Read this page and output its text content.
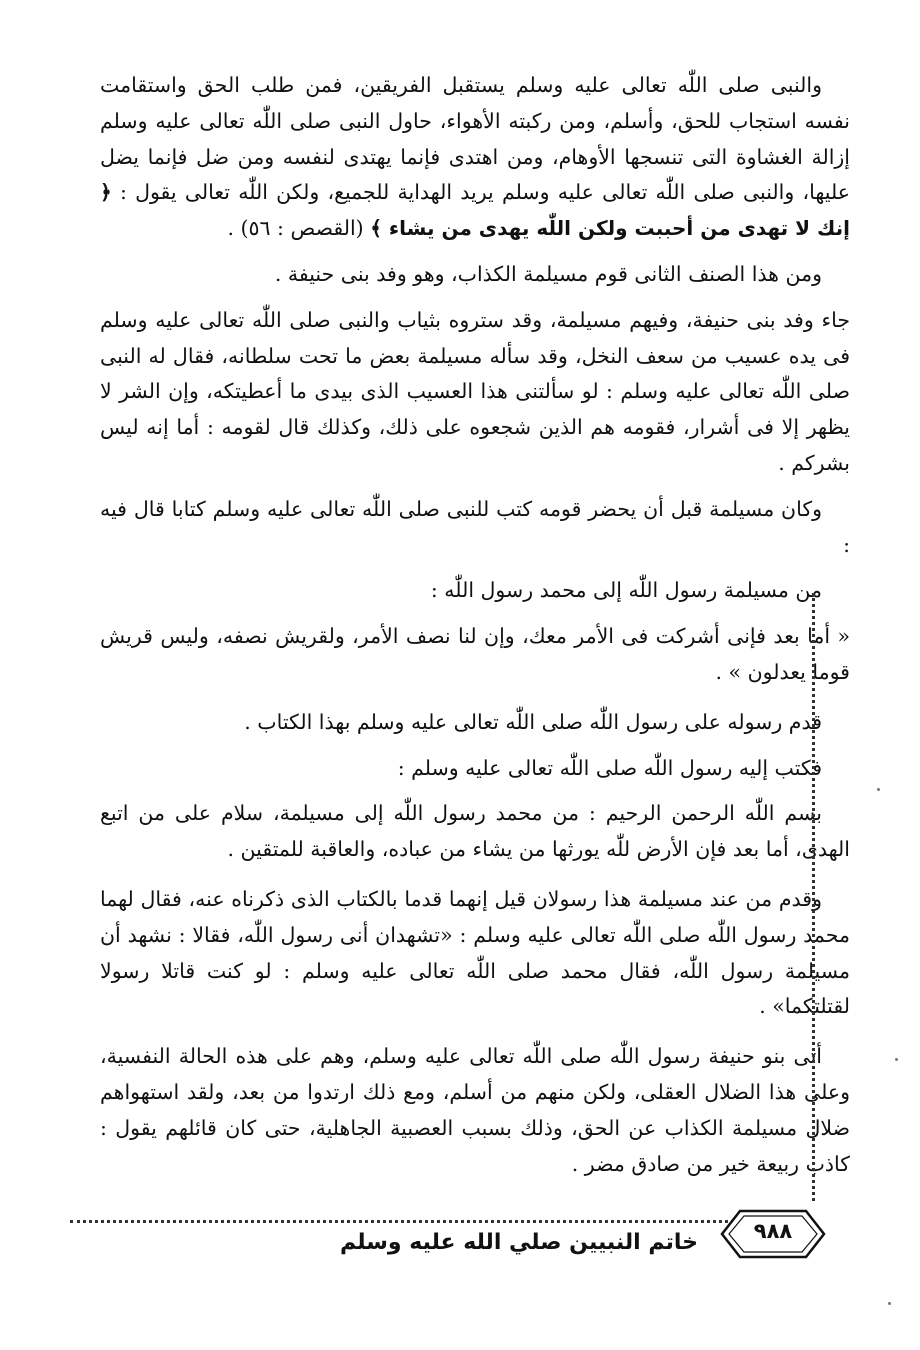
والنبى صلى اللّٰه تعالى عليه وسلم يستقبل الفريقين، فمن طلب الحق واستقامت نفسه استجاب للحق، وأسلم، ومن ركبته الأهواء، حاول النبى صلى اللّٰه تعالى عليه وسلم إزالة الغشاوة التى تنسجها الأوهام، ومن اهتدى فإنما يهتدى لنفسه ومن ضل فإنما يضل عليها، والنبى صلى اللّٰه تعالى عليه وسلم يريد الهداية للجميع، ولكن اللّٰه تعالى يقول : ﴿ إنك لا تهدى من أحببت ولكن اللّٰه يهدى من يشاء ﴾ (القصص : ٥٦) .

ومن هذا الصنف الثانى قوم مسيلمة الكذاب، وهو وفد بنى حنيفة .

جاء وفد بنى حنيفة، وفيهم مسيلمة، وقد ستروه بثياب والنبى صلى اللّٰه تعالى عليه وسلم فى يده عسيب من سعف النخل، وقد سأله مسيلمة بعض ما تحت سلطانه، فقال له النبى صلى اللّٰه تعالى عليه وسلم : لو سألتنى هذا العسيب الذى بيدى ما أعطيتكه، وإن الشر لا يظهر إلا فى أشرار، فقومه هم الذين شجعوه على ذلك، وكذلك قال لقومه : أما إنه ليس بشركم .

وكان مسيلمة قبل أن يحضر قومه كتب للنبى صلى اللّٰه تعالى عليه وسلم كتابا قال فيه :

من مسيلمة رسول اللّٰه إلى محمد رسول اللّٰه :

« أما بعد فإنى أشركت فى الأمر معك، وإن لنا نصف الأمر، ولقريش نصفه، وليس قريش قوما يعدلون » .

قدم رسوله على رسول اللّٰه صلى اللّٰه تعالى عليه وسلم بهذا الكتاب .

فكتب إليه رسول اللّٰه صلى اللّٰه تعالى عليه وسلم :

بسم اللّٰه الرحمن الرحيم : من محمد رسول اللّٰه إلى مسيلمة، سلام على من اتبع الهدى، أما بعد فإن الأرض للّٰه يورثها من يشاء من عباده، والعاقبة للمتقين .

وقدم من عند مسيلمة هذا رسولان قيل إنهما قدما بالكتاب الذى ذكرناه عنه، فقال لهما محمد رسول اللّٰه صلى اللّٰه تعالى عليه وسلم : «تشهدان أنى رسول اللّٰه، فقالا : نشهد أن مسيلمة رسول اللّٰه، فقال محمد صلى اللّٰه تعالى عليه وسلم : لو كنت قاتلا رسولا لقتلتكما» .

أتى بنو حنيفة رسول اللّٰه صلى اللّٰه تعالى عليه وسلم، وهم على هذه الحالة النفسية، وعلى هذا الضلال العقلى، ولكن منهم من أسلم، ومع ذلك ارتدوا من بعد، ولقد استهواهم ضلال مسيلمة الكذاب عن الحق، وذلك بسبب العصبية الجاهلية، حتى كان قائلهم يقول : كاذب ربيعة خير من صادق مضر .

٩٨٨
خاتم النبيين صلي الله عليه وسلم
